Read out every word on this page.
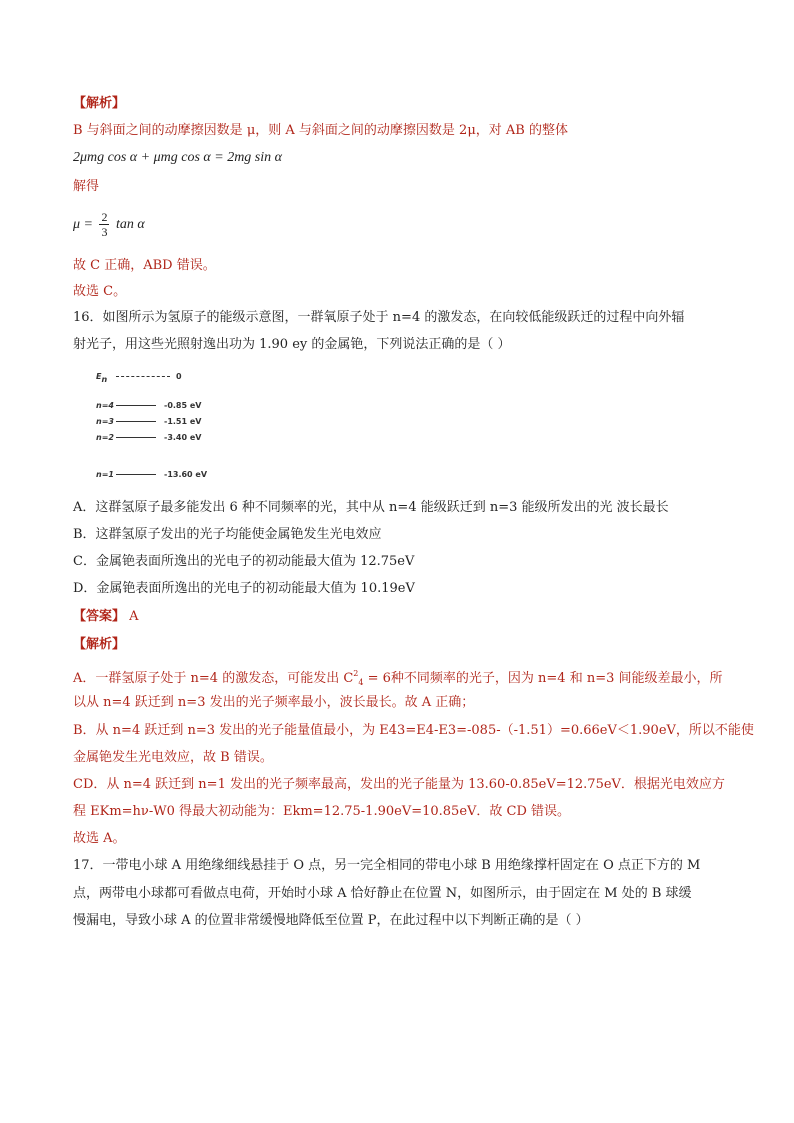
【解析】
B 与斜面之间的动摩擦因数是 μ，则 A 与斜面之间的动摩擦因数是 2μ，对 AB 的整体
2μmg cos α + μmg cos α = 2mg sin α
解得
$\mu = \frac{2}{3}$ tan α
故 C 正确，ABD 错误。
故选 C。
16．如图所示为氢原子的能级示意图，一群氧原子处于 n=4 的激发态，在向较低能级跃迁的过程中向外辐
射光子，用这些光照射逸出功为 1.90 ey 的金属铯，下列说法正确的是（ ）
En	0
n=4	-0.85 eV
n=3	-1.51 eV
n=2	-3.40 eV
n=1	-13.60 eV
A．这群氢原子最多能发出 6 种不同频率的光，其中从 n=4 能级跃迁到 n=3 能级所发出的光 波长最长
B．这群氢原子发出的光子均能使金属铯发生光电效应
C．金属铯表面所逸出的光电子的初动能最大值为 12.75eV
D．金属铯表面所逸出的光电子的初动能最大值为 10.19eV
【答案】 A
【解析】
A．一群氢原子处于 n=4 的激发态，可能发出 $C^2_4 = 6$种不同频率的光子，因为 n=4 和 n=3 间能级差最小，所
以从 n=4 跃迁到 n=3 发出的光子频率最小，波长最长。故 A 正确；
B．从 n=4 跃迁到 n=3 发出的光子能量值最小，为 E43=E4-E3=-085-（-1.51）=0.66eV＜1.90eV，所以不能使
金属铯发生光电效应，故 B 错误。
CD．从 n=4 跃迁到 n=1 发出的光子频率最高，发出的光子能量为 13.60-0.85eV=12.75eV．根据光电效应方
程 EKm=hν-W0 得最大初动能为：Ekm=12.75-1.90eV=10.85eV．故 CD 错误。
故选 A。
17．一带电小球 A 用绝缘细线悬挂于 O 点，另一完全相同的带电小球 B 用绝缘撑杆固定在 O 点正下方的 M
点，两带电小球都可看做点电荷，开始时小球 A 恰好静止在位置 N，如图所示，由于固定在 M 处的 B 球缓
慢漏电，导致小球 A 的位置非常缓慢地降低至位置 P，在此过程中以下判断正确的是（ ）
